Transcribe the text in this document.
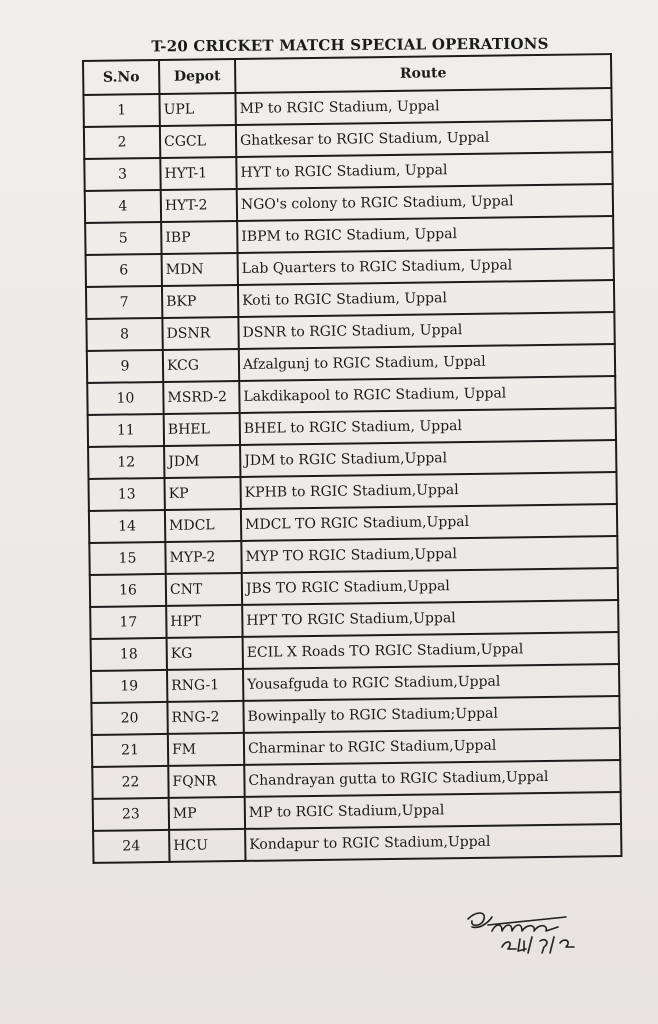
T-20 CRICKET MATCH SPECIAL OPERATIONS
S.No	Depot	Route
1	UPL	MP to RGIC Stadium, Uppal
2	CGCL	Ghatkesar to RGIC Stadium, Uppal
3	HYT-1	HYT to RGIC Stadium, Uppal
4	HYT-2	NGO's colony to RGIC Stadium, Uppal
5	IBP	IBPM to RGIC Stadium, Uppal
6	MDN	Lab Quarters to RGIC Stadium, Uppal
7	BKP	Koti to RGIC Stadium, Uppal
8	DSNR	DSNR to RGIC Stadium, Uppal
9	KCG	Afzalgunj to RGIC Stadium, Uppal
10	MSRD-2	Lakdikapool to RGIC Stadium, Uppal
11	BHEL	BHEL to RGIC Stadium, Uppal
12	JDM	JDM to RGIC Stadium,Uppal
13	KP	KPHB to RGIC Stadium,Uppal
14	MDCL	MDCL TO RGIC Stadium,Uppal
15	MYP-2	MYP TO RGIC Stadium,Uppal
16	CNT	JBS TO RGIC Stadium,Uppal
17	HPT	HPT TO RGIC Stadium,Uppal
18	KG	ECIL X Roads TO RGIC Stadium,Uppal
19	RNG-1	Yousafguda to RGIC Stadium,Uppal
20	RNG-2	Bowinpally to RGIC Stadium;Uppal
21	FM	Charminar to RGIC Stadium,Uppal
22	FQNR	Chandrayan gutta to RGIC Stadium,Uppal
23	MP	MP to RGIC Stadium,Uppal
24	HCU	Kondapur to RGIC Stadium,Uppal
